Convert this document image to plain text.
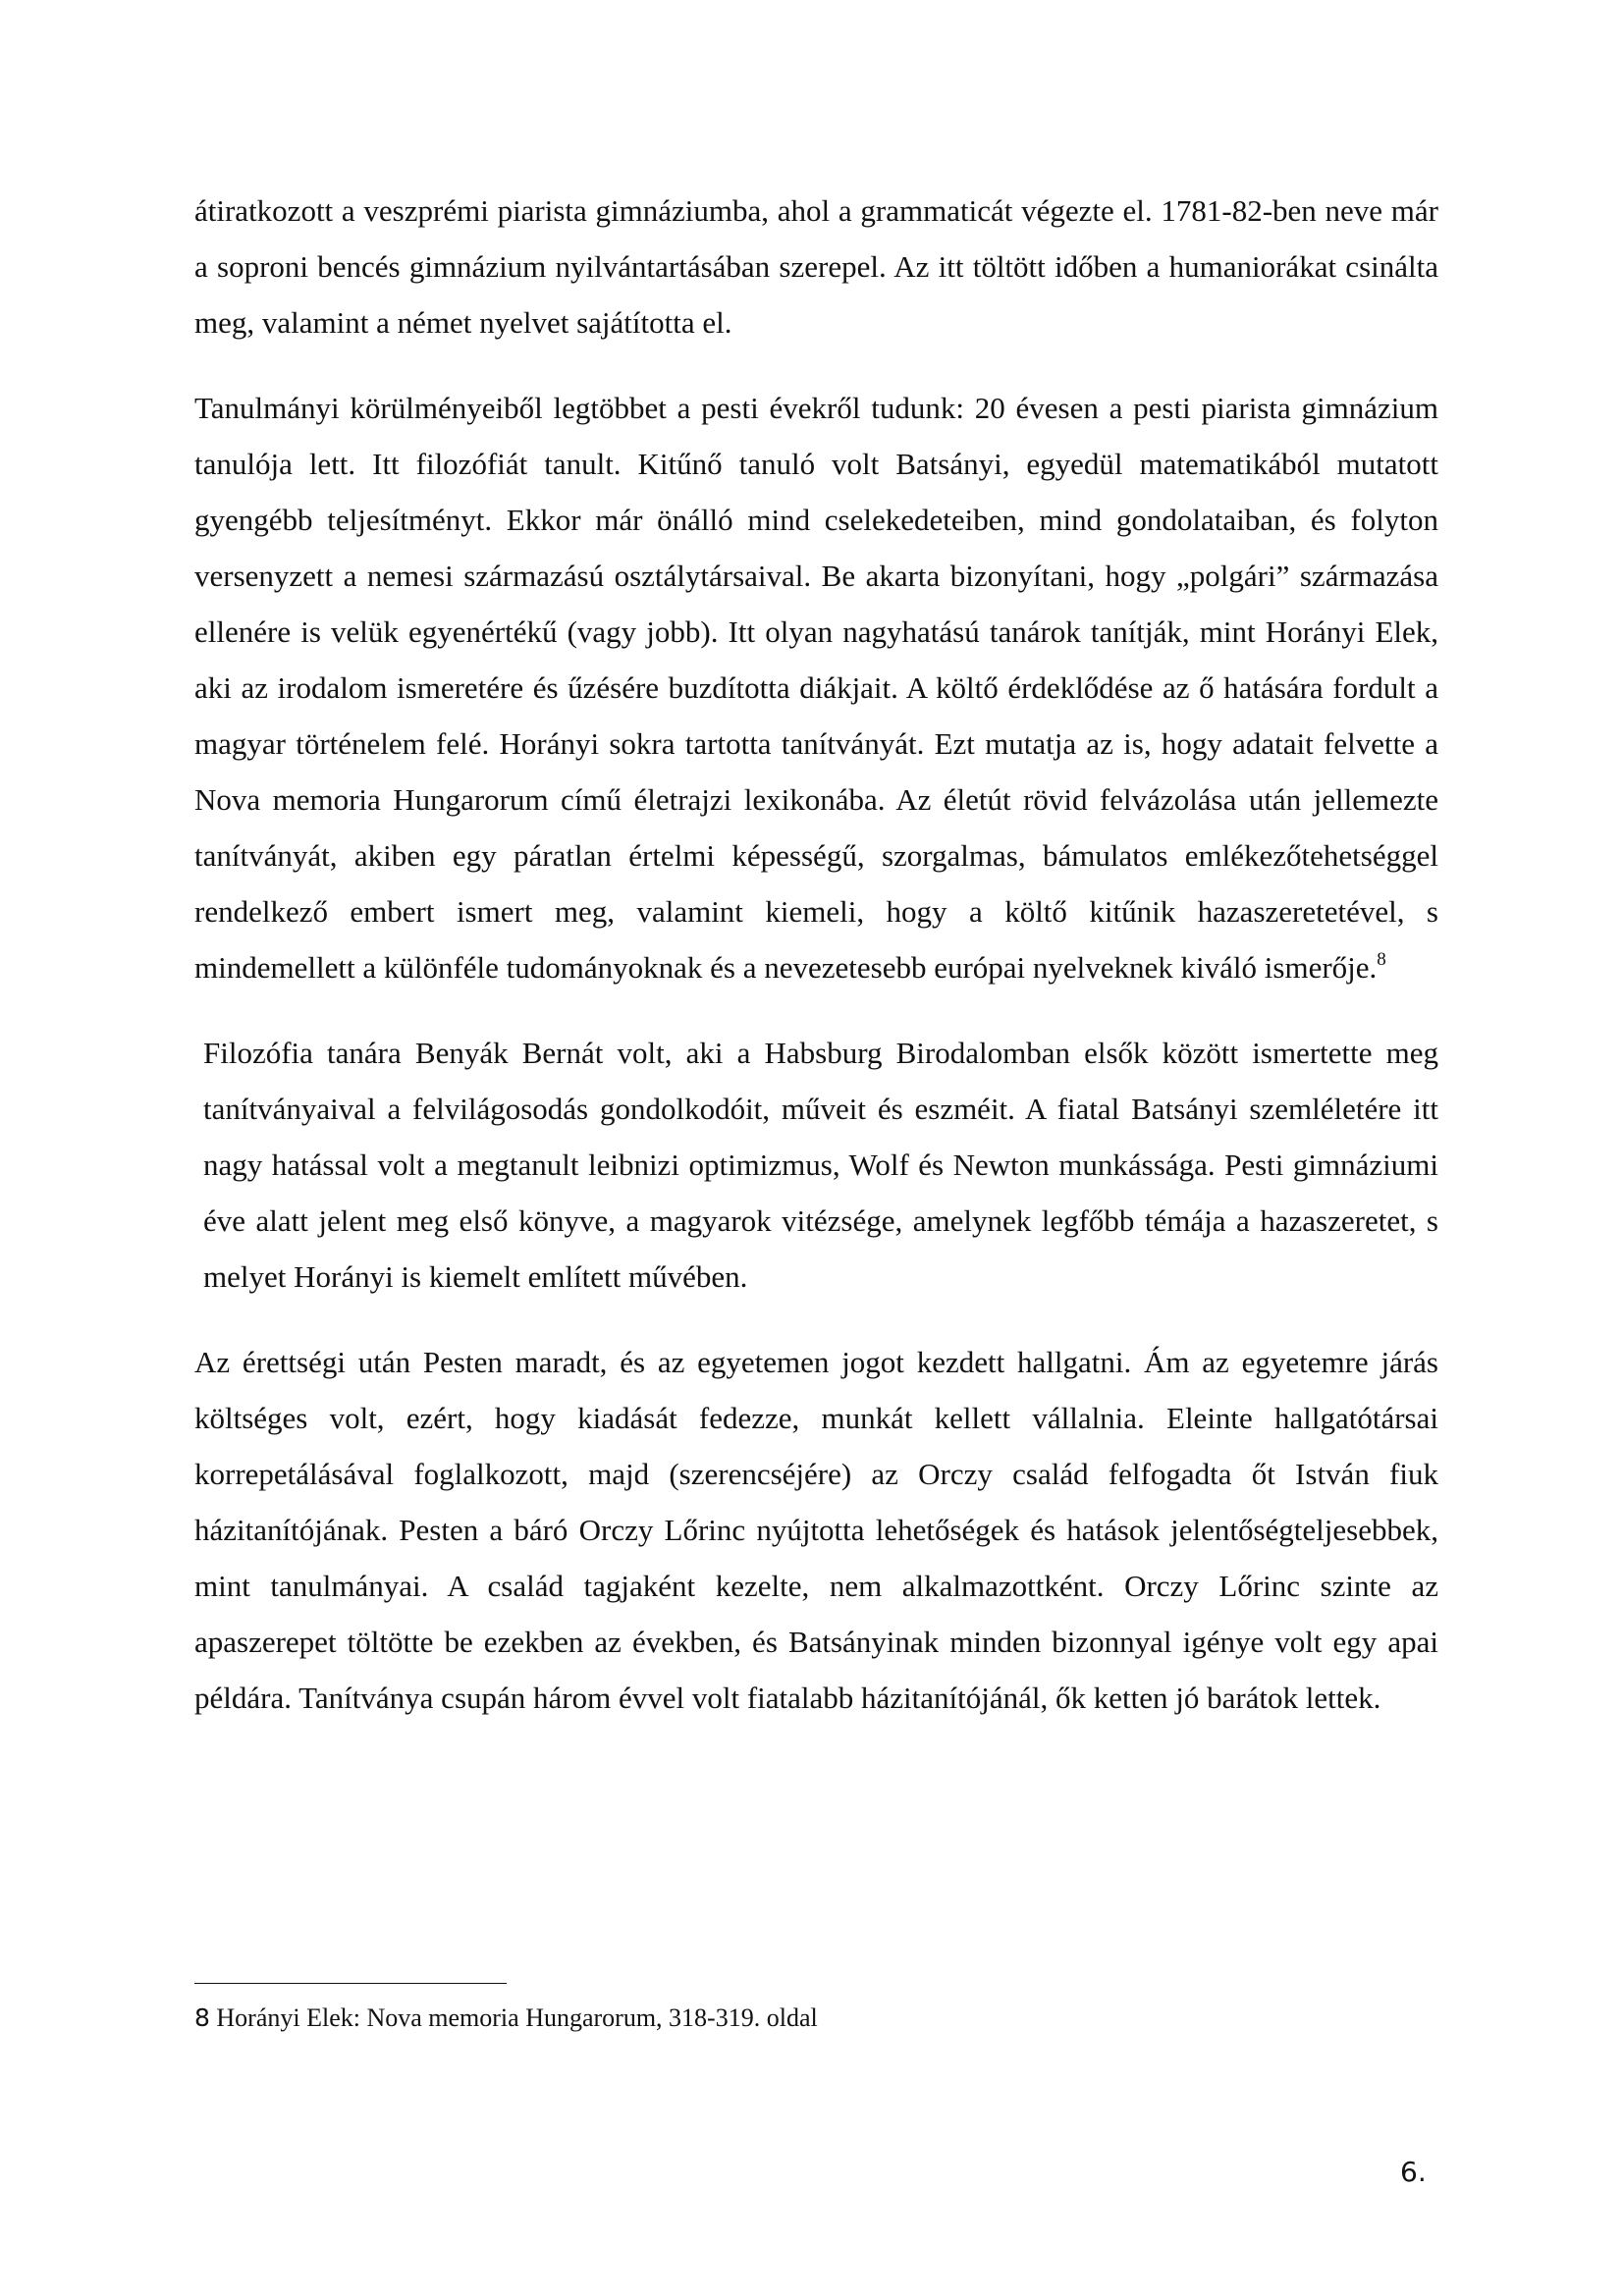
átiratkozott a veszprémi piarista gimnáziumba, ahol a grammaticát végezte el. 1781-82-ben neve már a soproni bencés gimnázium nyilvántartásában szerepel. Az itt töltött időben a humaniorákat csinálta meg, valamint a német nyelvet sajátította el.

Tanulmányi körülményeiből legtöbbet a pesti évekről tudunk: 20 évesen a pesti piarista gimnázium tanulója lett. Itt filozófiát tanult. Kitűnő tanuló volt Batsányi, egyedül matematikából mutatott gyengébb teljesítményt. Ekkor már önálló mind cselekedeteiben, mind gondolataiban, és folyton versenyzett a nemesi származású osztálytársaival. Be akarta bizonyítani, hogy „polgári” származása ellenére is velük egyenértékű (vagy jobb). Itt olyan nagyhatású tanárok tanítják, mint Horányi Elek, aki az irodalom ismeretére és űzésére buzdította diákjait. A költő érdeklődése az ő hatására fordult a magyar történelem felé. Horányi sokra tartotta tanítványát. Ezt mutatja az is, hogy adatait felvette a Nova memoria Hungarorum című életrajzi lexikonába. Az életút rövid felvázolása után jellemezte tanítványát, akiben egy páratlan értelmi képességű, szorgalmas, bámulatos emlékezőtehetséggel rendelkező embert ismert meg, valamint kiemeli, hogy a költő kitűnik hazaszeretetével, s mindemellett a különféle tudományoknak és a nevezetesebb európai nyelveknek kiváló ismerője.$^8$

Filozófia tanára Benyák Bernát volt, aki a Habsburg Birodalomban elsők között ismertette meg tanítványaival a felvilágosodás gondolkodóit, műveit és eszméit. A fiatal Batsányi szemléletére itt nagy hatással volt a megtanult leibnizi optimizmus, Wolf és Newton munkássága. Pesti gimnáziumi éve alatt jelent meg első könyve, a magyarok vitézsége, amelynek legfőbb témája a hazaszeretet, s melyet Horányi is kiemelt említett művében.

Az érettségi után Pesten maradt, és az egyetemen jogot kezdett hallgatni. Ám az egyetemre járás költséges volt, ezért, hogy kiadását fedezze, munkát kellett vállalnia. Eleinte hallgatótársai korrepetálásával foglalkozott, majd (szerencséjére) az Orczy család felfogadta őt István fiuk házitanítójának. Pesten a báró Orczy Lőrinc nyújtotta lehetőségek és hatások jelentőségteljesebbek, mint tanulmányai. A család tagjaként kezelte, nem alkalmazottként. Orczy Lőrinc szinte az apaszerepet töltötte be ezekben az években, és Batsányinak minden bizonnyal igénye volt egy apai példára. Tanítványa csupán három évvel volt fiatalabb házitanítójánál, ők ketten jó barátok lettek.

8 Horányi Elek: Nova memoria Hungarorum, 318-319. oldal

6.
